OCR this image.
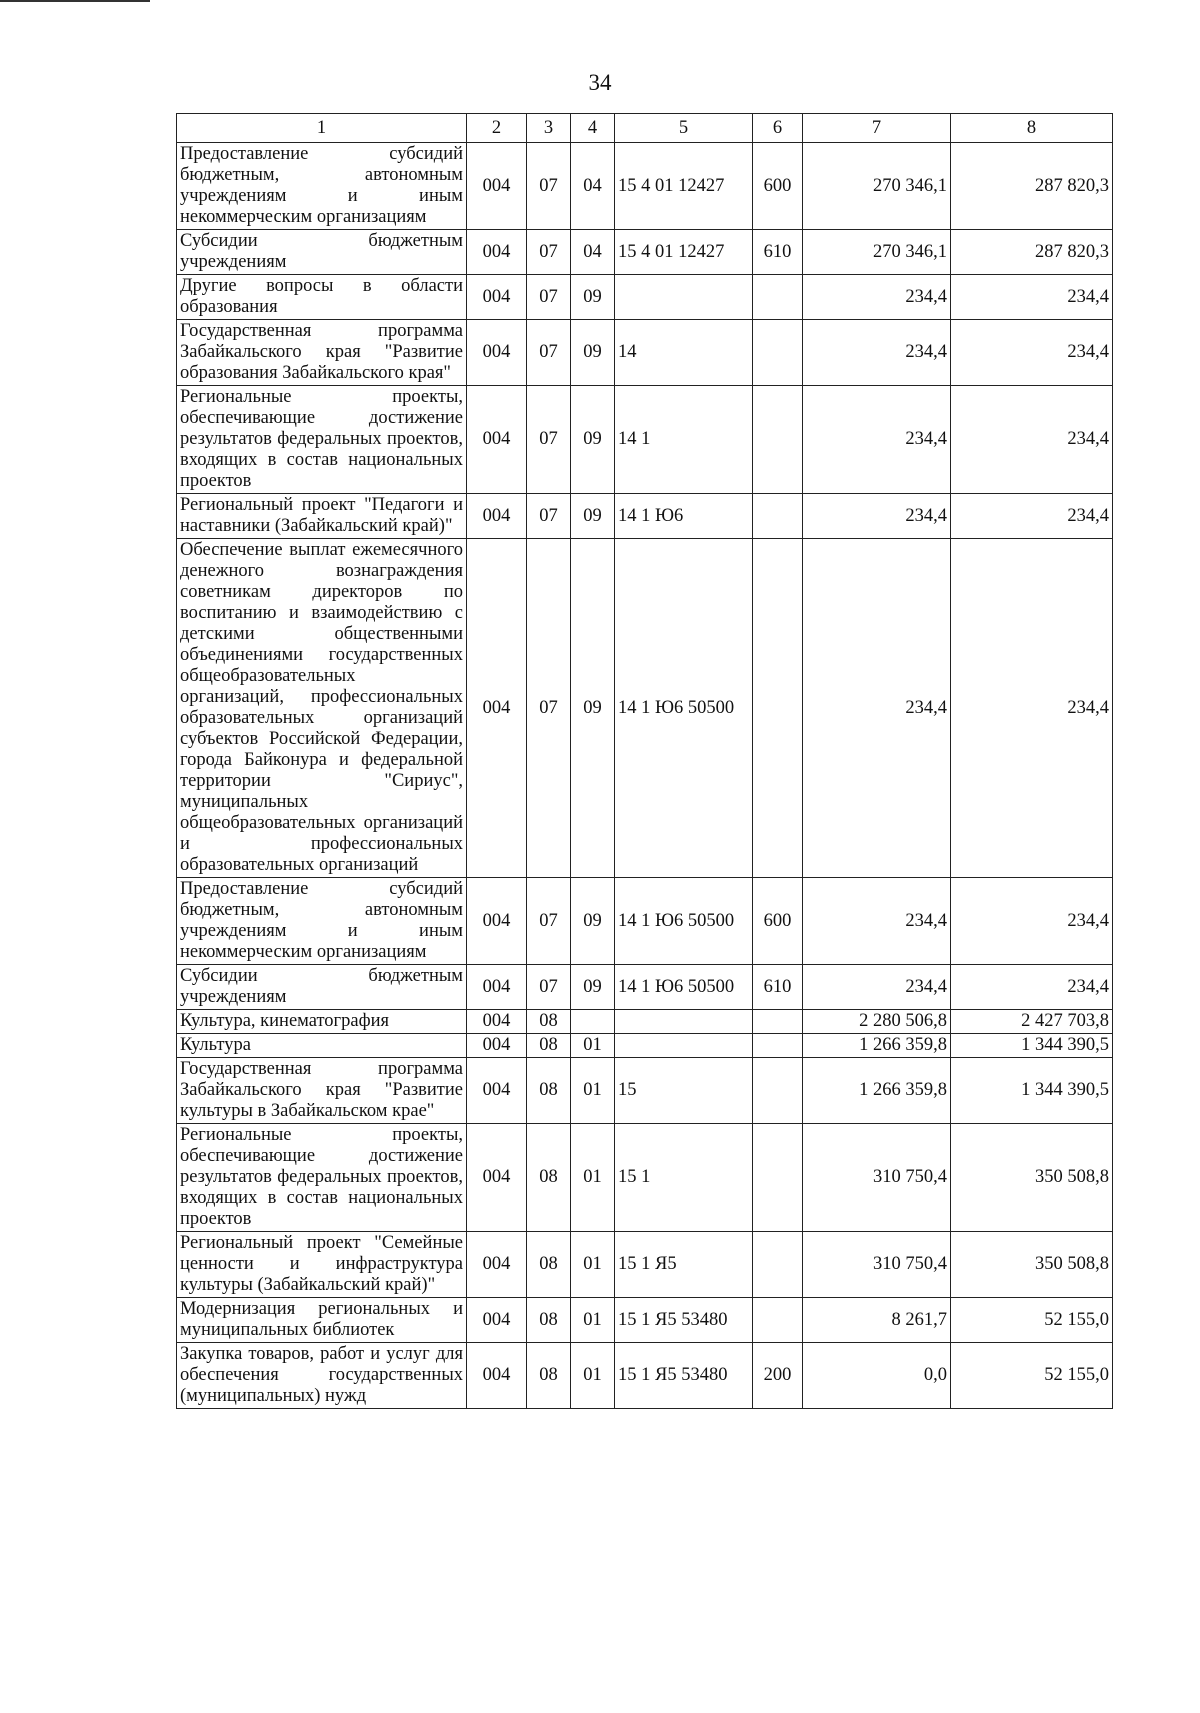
34
1	2	3	4	5	6	7	8
Предоставление субсидий бюджетным, автономным учреждениям и иным некоммерческим организациям	004	07	04	15 4 01 12427	600	270 346,1	287 820,3
Субсидии бюджетным учреждениям	004	07	04	15 4 01 12427	610	270 346,1	287 820,3
Другие вопросы в области образования	004	07	09			234,4	234,4
Государственная программа Забайкальского края "Развитие образования Забайкальского края"	004	07	09	14		234,4	234,4
Региональные проекты, обеспечивающие достижение результатов федеральных проектов, входящих в состав национальных проектов	004	07	09	14 1		234,4	234,4
Региональный проект "Педагоги и наставники (Забайкальский край)"	004	07	09	14 1 Ю6		234,4	234,4
Обеспечение выплат ежемесячного денежного вознаграждения советникам директоров по воспитанию и взаимодействию с детскими общественными объединениями государственных общеобразовательных организаций, профессиональных образовательных организаций субъектов Российской Федерации, города Байконура и федеральной территории "Сириус", муниципальных общеобразовательных организаций и профессиональных образовательных организаций	004	07	09	14 1 Ю6 50500		234,4	234,4
Предоставление субсидий бюджетным, автономным учреждениям и иным некоммерческим организациям	004	07	09	14 1 Ю6 50500	600	234,4	234,4
Субсидии бюджетным учреждениям	004	07	09	14 1 Ю6 50500	610	234,4	234,4
Культура, кинематография	004	08				2 280 506,8	2 427 703,8
Культура	004	08	01			1 266 359,8	1 344 390,5
Государственная программа Забайкальского края "Развитие культуры в Забайкальском крае"	004	08	01	15		1 266 359,8	1 344 390,5
Региональные проекты, обеспечивающие достижение результатов федеральных проектов, входящих в состав национальных проектов	004	08	01	15 1		310 750,4	350 508,8
Региональный проект "Семейные ценности и инфраструктура культуры (Забайкальский край)"	004	08	01	15 1 Я5		310 750,4	350 508,8
Модернизация региональных и муниципальных библиотек	004	08	01	15 1 Я5 53480		8 261,7	52 155,0
Закупка товаров, работ и услуг для обеспечения государственных (муниципальных) нужд	004	08	01	15 1 Я5 53480	200	0,0	52 155,0
